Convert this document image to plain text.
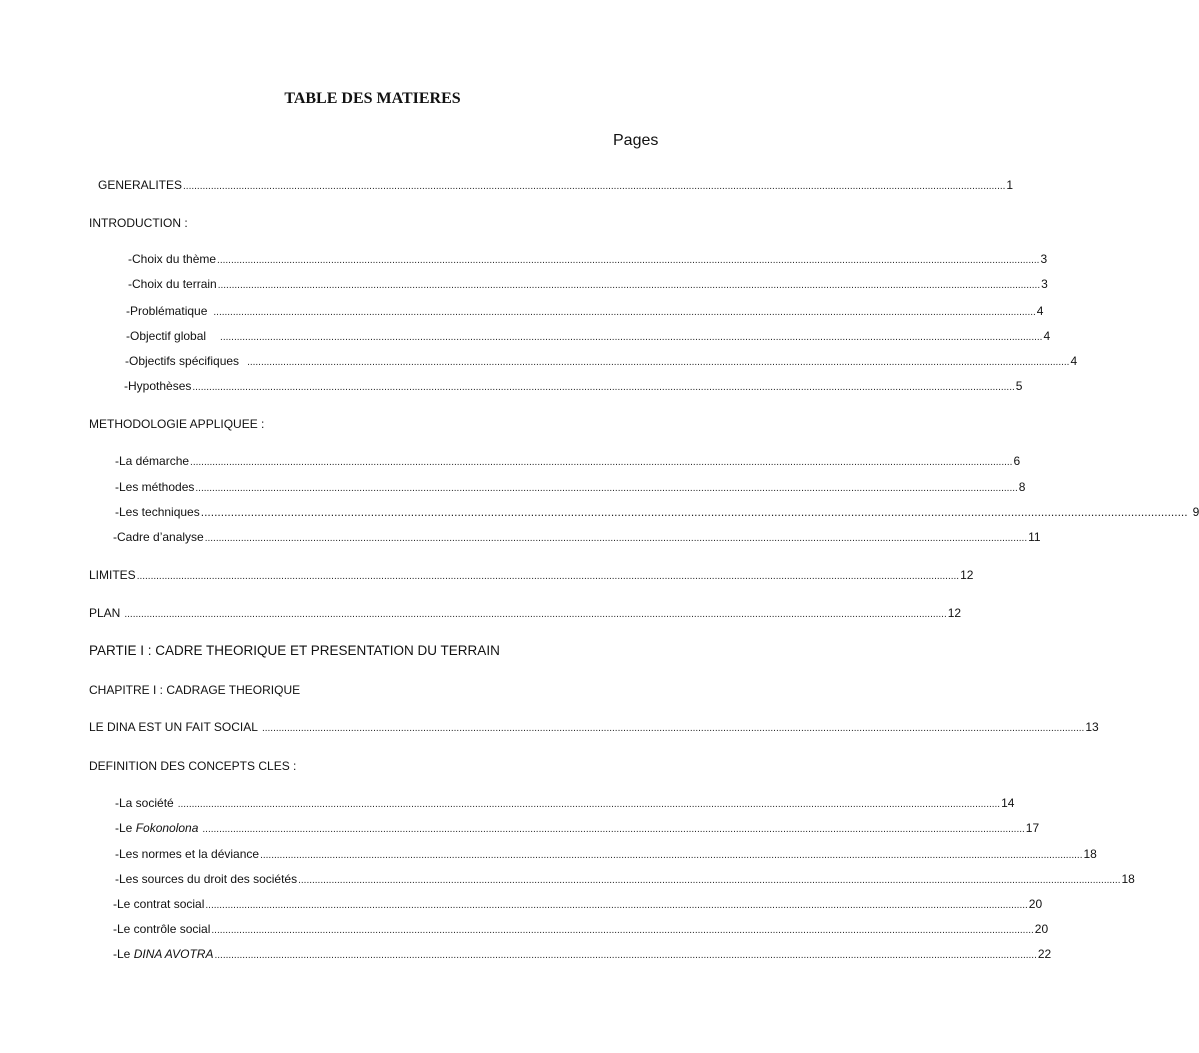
TABLE DES MATIERES
Pages
GENERALITES ........................................................................................................................................................................................................................................................................................................ 1
INTRODUCTION :
- Choix du thème ........................................................................................................................................................................................................................................................................................................ 3
- Choix du terrain ........................................................................................................................................................................................................................................................................................................ 3
- Problématique ........................................................................................................................................................................................................................................................................................................ 4
- Objectif global ........................................................................................................................................................................................................................................................................................................ 4
- Objectifs spécifiques ........................................................................................................................................................................................................................................................................................................ 4
- Hypothèses ........................................................................................................................................................................................................................................................................................................ 5
METHODOLOGIE APPLIQUEE :
- La démarche ........................................................................................................................................................................................................................................................................................................ 6
- Les méthodes ........................................................................................................................................................................................................................................................................................................ 8
- Les techniques ........................................................................................................................................................................................................................................................................................................ 9
- Cadre d’analyse ........................................................................................................................................................................................................................................................................................................ 11
LIMITES ........................................................................................................................................................................................................................................................................................................ 12
PLAN ........................................................................................................................................................................................................................................................................................................ 12
PARTIE I : CADRE THEORIQUE ET PRESENTATION DU TERRAIN
CHAPITRE I : CADRAGE THEORIQUE
LE DINA EST UN FAIT SOCIAL ........................................................................................................................................................................................................................................................................................................ 13
DEFINITION DES CONCEPTS CLES :
- La société ........................................................................................................................................................................................................................................................................................................ 14
- Le Fokonolona ........................................................................................................................................................................................................................................................................................................ 17
- Les normes et la déviance ........................................................................................................................................................................................................................................................................................................ 18
- Les sources du droit des sociétés ........................................................................................................................................................................................................................................................................................................ 18
- Le contrat social ........................................................................................................................................................................................................................................................................................................ 20
- Le contrôle social ........................................................................................................................................................................................................................................................................................................ 20
- Le DINA AVOTRA ........................................................................................................................................................................................................................................................................................................ 22
